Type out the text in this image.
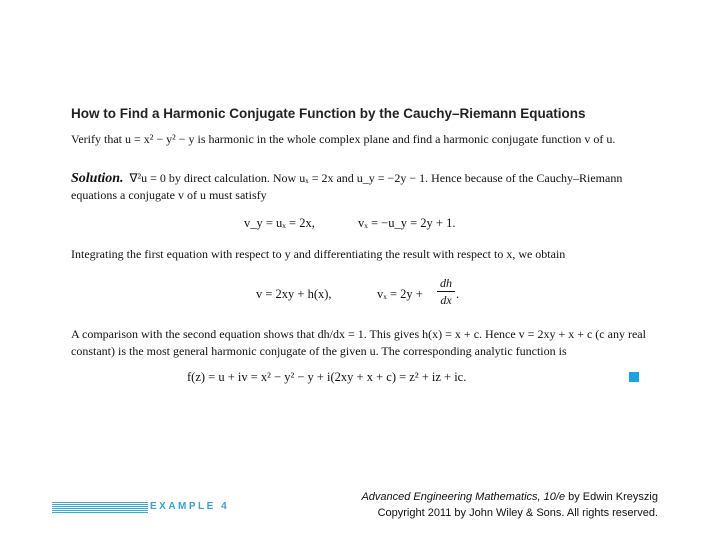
How to Find a Harmonic Conjugate Function by the Cauchy–Riemann Equations
Verify that u = x² − y² − y is harmonic in the whole complex plane and find a harmonic conjugate function v of u.
Solution. ∇²u = 0 by direct calculation. Now uₓ = 2x and u_y = −2y − 1. Hence because of the Cauchy–Riemann equations a conjugate v of u must satisfy
v_y = uₓ = 2x,	vₓ = −u_y = 2y + 1.
Integrating the first equation with respect to y and differentiating the result with respect to x, we obtain
v = 2xy + h(x),	vₓ = 2y +
dh
dx .
A comparison with the second equation shows that dh/dx = 1. This gives h(x) = x + c. Hence v = 2xy + x + c (c any real constant) is the most general harmonic conjugate of the given u. The corresponding analytic function is
f(z) = u + iv = x² − y² − y + i(2xy + x + c) = z² + iz + ic.
EXAMPLE 4
Advanced Engineering Mathematics, 10/e by Edwin Kreyszig
Copyright 2011 by John Wiley & Sons. All rights reserved.
